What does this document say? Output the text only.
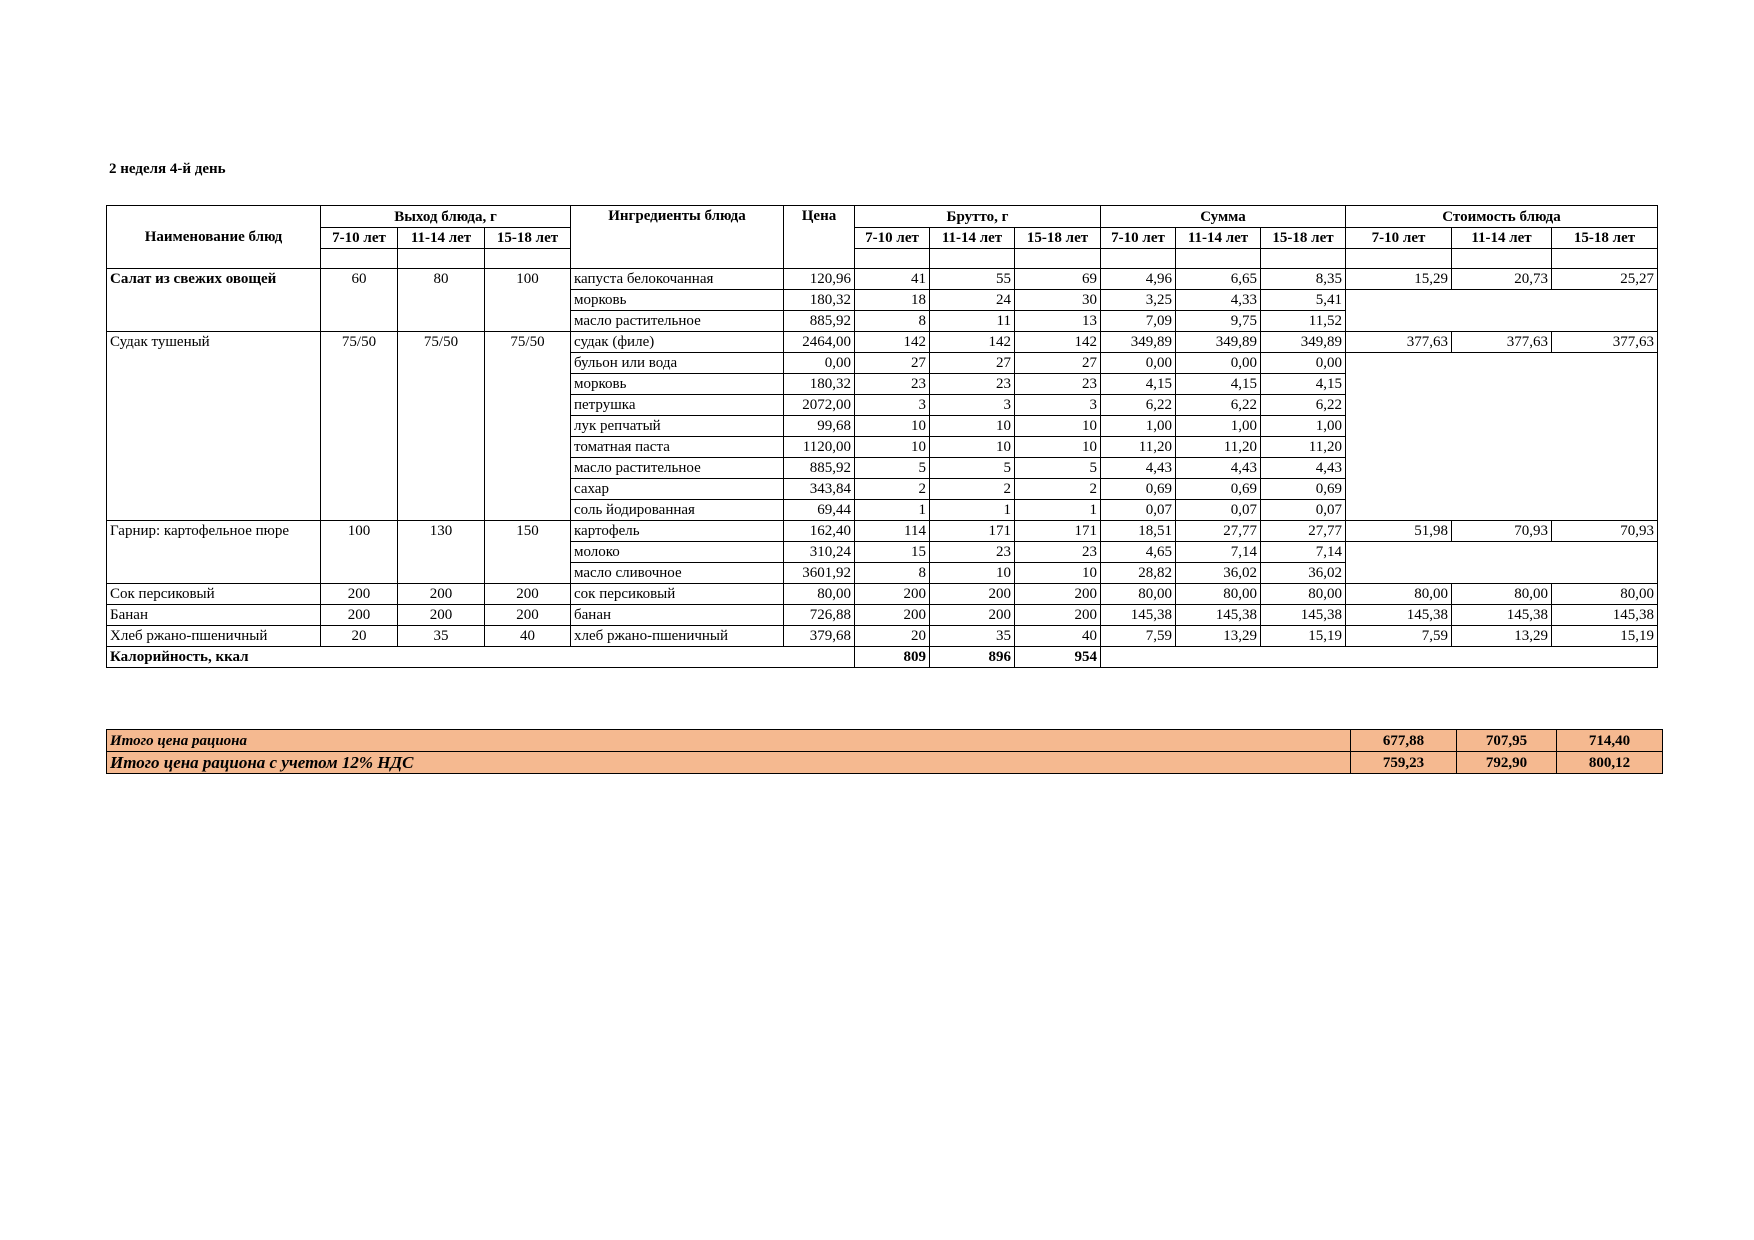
2 неделя 4-й день
Наименование блюд	Выход блюда, г			Ингредиенты блюда	Цена	Брутто, г			Сумма			Стоимость блюда		
	7-10 лет	11-14 лет	15-18 лет			7-10 лет	11-14 лет	15-18 лет	7-10 лет	11-14 лет	15-18 лет	7-10 лет	11-14 лет	15-18 лет

Салат из свежих овощей	60	80	100	капуста белокочанная	120,96	41	55	69	4,96	6,65	8,35	15,29	20,73	25,27
				морковь	180,32	18	24	30	3,25	4,33	5,41			
				масло растительное	885,92	8	11	13	7,09	9,75	11,52			
Судак тушеный	75/50	75/50	75/50	судак (филе)	2464,00	142	142	142	349,89	349,89	349,89	377,63	377,63	377,63
				бульон или вода	0,00	27	27	27	0,00	0,00	0,00			
				морковь	180,32	23	23	23	4,15	4,15	4,15			
				петрушка	2072,00	3	3	3	6,22	6,22	6,22			
				лук репчатый	99,68	10	10	10	1,00	1,00	1,00			
				томатная паста	1120,00	10	10	10	11,20	11,20	11,20			
				масло растительное	885,92	5	5	5	4,43	4,43	4,43			
				сахар	343,84	2	2	2	0,69	0,69	0,69			
				соль йодированная	69,44	1	1	1	0,07	0,07	0,07			
Гарнир: картофельное пюре	100	130	150	картофель	162,40	114	171	171	18,51	27,77	27,77	51,98	70,93	70,93
				молоко	310,24	15	23	23	4,65	7,14	7,14			
				масло сливочное	3601,92	8	10	10	28,82	36,02	36,02			
Сок персиковый	200	200	200	сок персиковый	80,00	200	200	200	80,00	80,00	80,00	80,00	80,00	80,00
Банан	200	200	200	банан	726,88	200	200	200	145,38	145,38	145,38	145,38	145,38	145,38
Хлеб ржано-пшеничный	20	35	40	хлеб ржано-пшеничный	379,68	20	35	40	7,59	13,29	15,19	7,59	13,29	15,19
Калорийность, ккал						809	896	954						
Итого цена рациона	677,88	707,95	714,40
Итого цена рациона с учетом 12% НДС	759,23	792,90	800,12
